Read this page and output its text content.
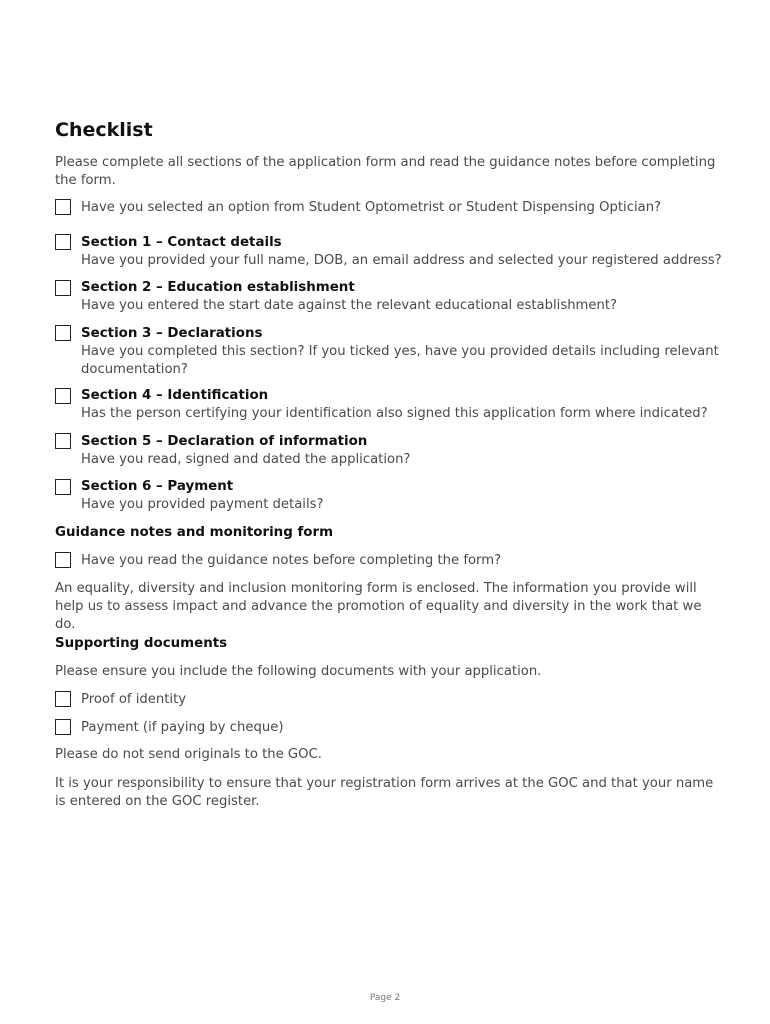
Checklist
Please complete all sections of the application form and read the guidance notes before completing the form.
Have you selected an option from Student Optometrist or Student Dispensing Optician?
Section 1 – Contact details
Have you provided your full name, DOB, an email address and selected your registered address?
Section 2 – Education establishment
Have you entered the start date against the relevant educational establishment?
Section 3 – Declarations
Have you completed this section? If you ticked yes, have you provided details including relevant documentation?
Section 4 – Identification
Has the person certifying your identification also signed this application form where indicated?
Section 5 – Declaration of information
Have you read, signed and dated the application?
Section 6 – Payment
Have you provided payment details?
Guidance notes and monitoring form
Have you read the guidance notes before completing the form?
An equality, diversity and inclusion monitoring form is enclosed. The information you provide will help us to assess impact and advance the promotion of equality and diversity in the work that we do.
Supporting documents
Please ensure you include the following documents with your application.
Proof of identity
Payment (if paying by cheque)
Please do not send originals to the GOC.
It is your responsibility to ensure that your registration form arrives at the GOC and that your name is entered on the GOC register.
Page 2
